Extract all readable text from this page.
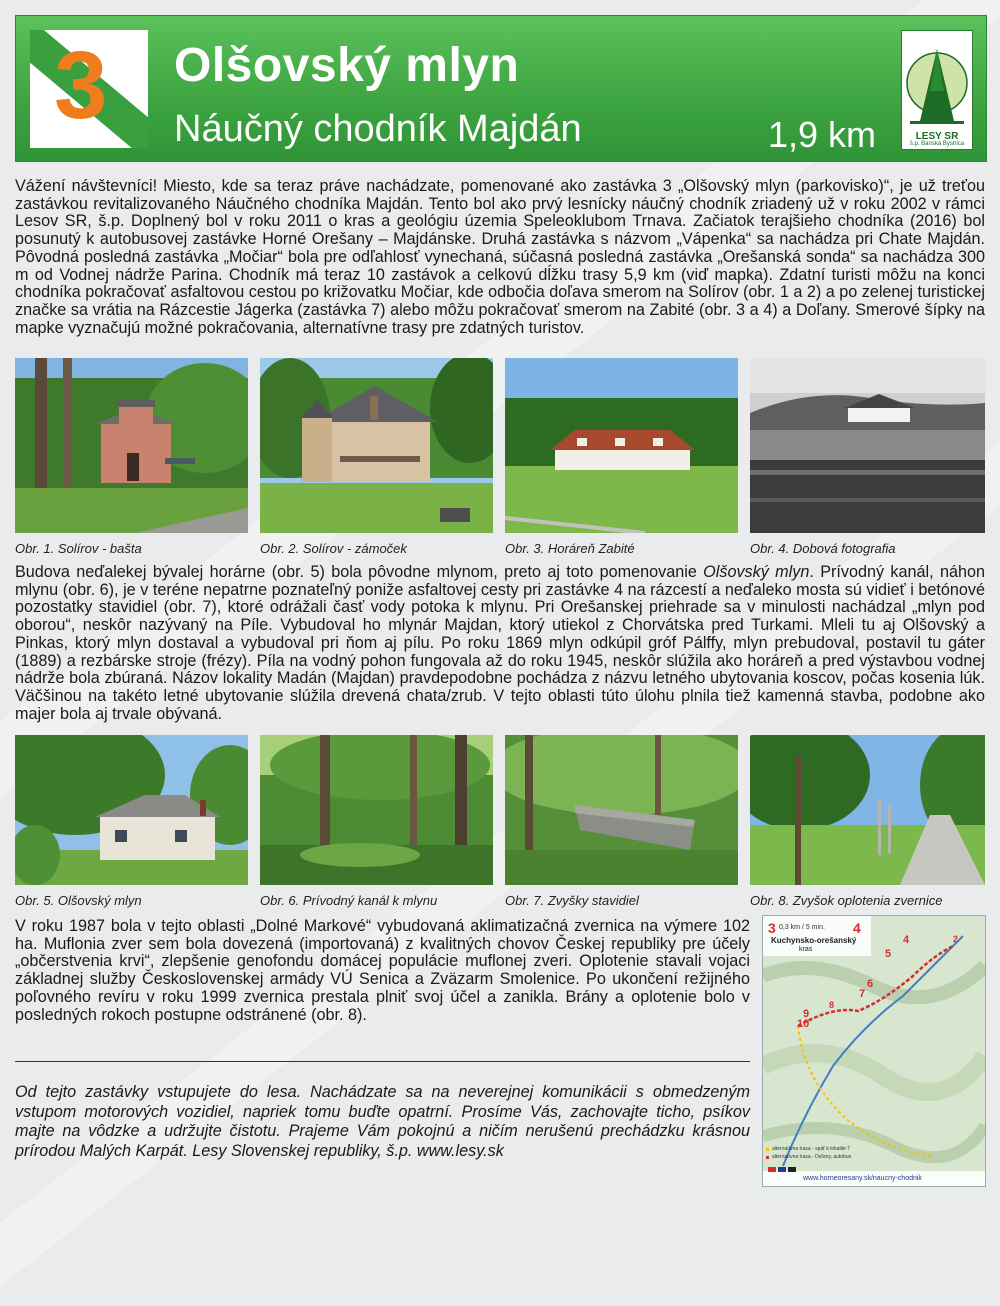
3 Olšovský mlyn
Náučný chodník Majdán	1,9 km	LESY SR
š.p. Banská Bystrica

Vážení návštevníci! Miesto, kde sa teraz práve nachádzate, pomenované ako zastávka 3 „Olšovský mlyn (parkovisko)“, je už treťou zastávkou revitalizovaného Náučného chodníka Majdán. Tento bol ako prvý lesnícky náučný chodník zriadený už v roku 2002 v rámci Lesov SR, š.p. Doplnený bol v roku 2011 o kras a geológiu územia Speleoklubom Trnava. Začiatok terajšieho chodníka (2016) bol posunutý k autobusovej zastávke Horné Orešany – Majdánske. Druhá zastávka s názvom „Vápenka“ sa nachádza pri Chate Majdán. Pôvodná posledná zastávka „Močiar“ bola pre odľahlosť vynechaná, súčasná posledná zastávka „Orešanská sonda“ sa nachádza 300 m od Vodnej nádrže Parina. Chodník má teraz 10 zastávok a celkovú dĺžku trasy 5,9 km (viď mapka). Zdatní turisti môžu na konci chodníka pokračovať asfaltovou cestou po križovatku Močiar, kde odbočia doľava smerom na Solírov (obr. 1 a 2) a po zelenej turistickej značke sa vrátia na Rázcestie Jágerka (zastávka 7) alebo môžu pokračovať smerom na Zabité (obr. 3 a 4) a Doľany. Smerové šípky na mapke vyznačujú možné pokračovania, alternatívne trasy pre zdatných turistov.

Obr. 1. Solírov - bašta	Obr. 2. Solírov - zámoček	Obr. 3. Horáreň Zabité	Obr. 4. Dobová fotografia

Budova neďalekej bývalej horárne (obr. 5) bola pôvodne mlynom, preto aj toto pomenovanie Olšovský mlyn. Prívodný kanál, náhon mlynu (obr. 6), je v teréne nepatrne poznateľný poniže asfaltovej cesty pri zastávke 4 na rázcestí a neďaleko mosta sú vidieť i betónové pozostatky stavidiel (obr. 7), ktoré odrážali časť vody potoka k mlynu. Pri Orešanskej priehrade sa v minulosti nachádzal „mlyn pod oborou“, neskôr nazývaný na Píle. Vybudoval ho mlynár Majdan, ktorý utiekol z Chorvátska pred Turkami. Mleli tu aj Olšovský a Pinkas, ktorý mlyn dostaval a vybudoval pri ňom aj pílu. Po roku 1869 mlyn odkúpil gróf Pálffy, mlyn prebudoval, postavil tu gáter (1889) a rezbárske stroje (frézy). Píla na vodný pohon fungovala až do roku 1945, neskôr slúžila ako horáreň a pred výstavbou vodnej nádrže bola zbúraná. Názov lokality Madán (Majdan) pravdepodobne pochádza z názvu letného ubytovania koscov, počas kosenia lúk. Väčšinou na takéto letné ubytovanie slúžila drevená chata/zrub. V tejto oblasti túto úlohu plnila tiež kamenná stavba, podobne ako majer bola aj trvale obývaná.

Obr. 5. Olšovský mlyn	Obr. 6. Prívodný kanál k mlynu	Obr. 7. Zvyšky stavidiel	Obr. 8. Zvyšok oplotenia zvernice

V roku 1987 bola v tejto oblasti „Dolné Markové“ vybudovaná aklimatizačná zvernica na výmere 102 ha. Muflonia zver sem bola dovezená (importovaná) z kvalitných chovov Českej republiky pre účely „občerstvenia krvi“, zlepšenie genofondu domácej populácie muflonej zveri. Oplotenie stavali vojaci základnej služby Československej armády VÚ Senica a Zväzarm Smolenice. Po ukončení režijného poľovného revíru v roku 1999 zvernica prestala plniť svoj účel a zanikla. Brány a oplotenie bolo v posledných rokoch postupne odstránené (obr. 8).

Od tejto zastávky vstupujete do lesa. Nachádzate sa na neverejnej komunikácii s obmedzeným vstupom motorových vozidiel, napriek tomu buďte opatrní. Prosíme Vás, zachovajte ticho, psíkov majte na vôdzke a udržujte čistotu. Prajeme Vám pokojnú a ničím nerušenú prechádzku krásnou prírodou Malých Karpát. Lesy Slovenskej republiky, š.p. www.lesy.sk

3 0,3 km / 5 min. 4
Kuchynsko-orešanský
kras
2
4
5
6
7
8
9
10
alternatívna trasa - späť k lokalite 7
alternatívna trasa - Doľany, autobus
www.horneoresany.sk/naucny-chodnik
